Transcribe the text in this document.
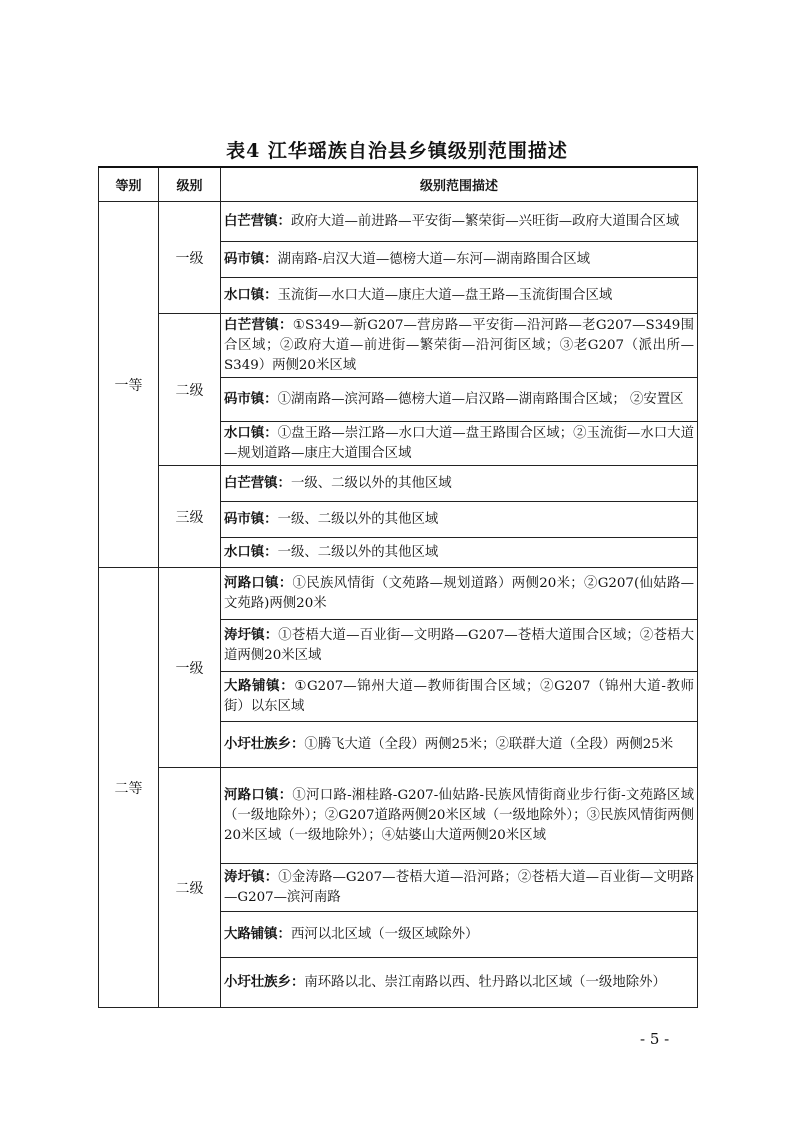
表4 江华瑶族自治县乡镇级别范围描述
等别	级别	级别范围描述
一等	一级	白芒营镇：政府大道—前进路—平安街—繁荣街—兴旺街—政府大道围合区域
		码市镇：湖南路-启汉大道—德榜大道—东河—湖南路围合区域
		水口镇：玉流街—水口大道—康庄大道—盘王路—玉流街围合区域
	二级	白芒营镇：①S349—新G207—营房路—平安街—沿河路—老G207—S349围合区域；②政府大道—前进街—繁荣街—沿河街区域；③老G207（派出所—S349）两侧20米区域
		码市镇：①湖南路—滨河路—德榜大道—启汉路—湖南路围合区域； ②安置区
		水口镇：①盘王路—崇江路—水口大道—盘王路围合区域；②玉流街—水口大道—规划道路—康庄大道围合区域
	三级	白芒营镇：一级、二级以外的其他区域
		码市镇：一级、二级以外的其他区域
		水口镇：一级、二级以外的其他区域
二等	一级	河路口镇：①民族风情街（文苑路—规划道路）两侧20米；②G207(仙姑路—文苑路)两侧20米
		涛圩镇：①苍梧大道—百业街—文明路—G207—苍梧大道围合区域；②苍梧大道两侧20米区域
		大路铺镇：①G207—锦州大道—教师街围合区域；②G207（锦州大道-教师街）以东区域
		小圩壮族乡：①腾飞大道（全段）两侧25米；②联群大道（全段）两侧25米
	二级	河路口镇：①河口路-湘桂路-G207-仙姑路-民族风情街商业步行街-文苑路区域（一级地除外）；②G207道路两侧20米区域（一级地除外）；③民族风情街两侧20米区域（一级地除外）；④姑婆山大道两侧20米区域
		涛圩镇：①金涛路—G207—苍梧大道—沿河路；②苍梧大道—百业街—文明路—G207—滨河南路
		大路铺镇：西河以北区域（一级区域除外）
		小圩壮族乡：南环路以北、崇江南路以西、牡丹路以北区域（一级地除外）
- 5 -
